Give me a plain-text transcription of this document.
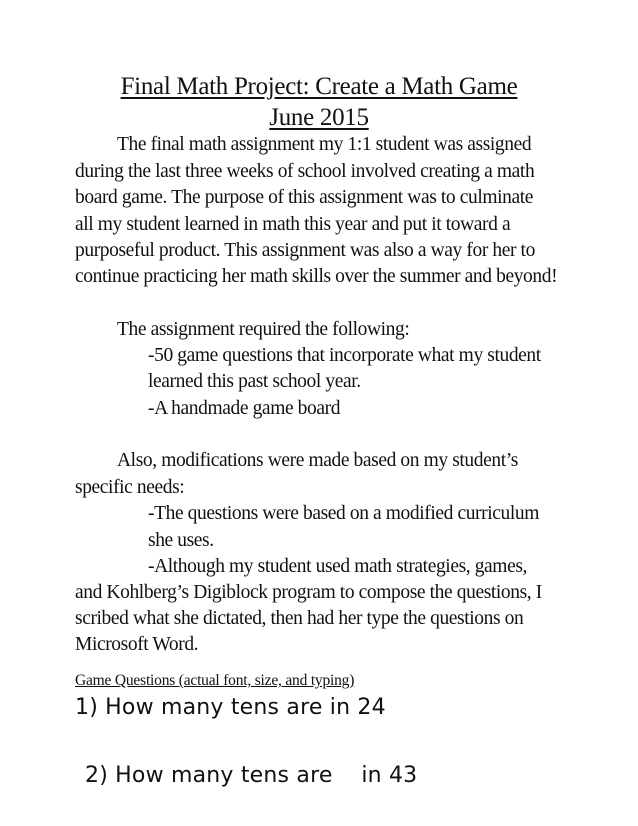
Final Math Project: Create a Math Game
June 2015
The final math assignment my 1:1 student was assigned
during the last three weeks of school involved creating a math
board game. The purpose of this assignment was to culminate
all my student learned in math this year and put it toward a
purposeful product. This assignment was also a way for her to
continue practicing her math skills over the summer and beyond!
The assignment required the following:
-50 game questions that incorporate what my student
learned this past school year.
-A handmade game board
Also, modifications were made based on my student’s
specific needs:
-The questions were based on a modified curriculum
she uses.
-Although my student used math strategies, games,
and Kohlberg’s Digiblock program to compose the questions, I
scribed what she dictated, then had her type the questions on
Microsoft Word.
Game Questions (actual font, size, and typing)
1) How many tens are in 24
2) How many tens are    in 43
